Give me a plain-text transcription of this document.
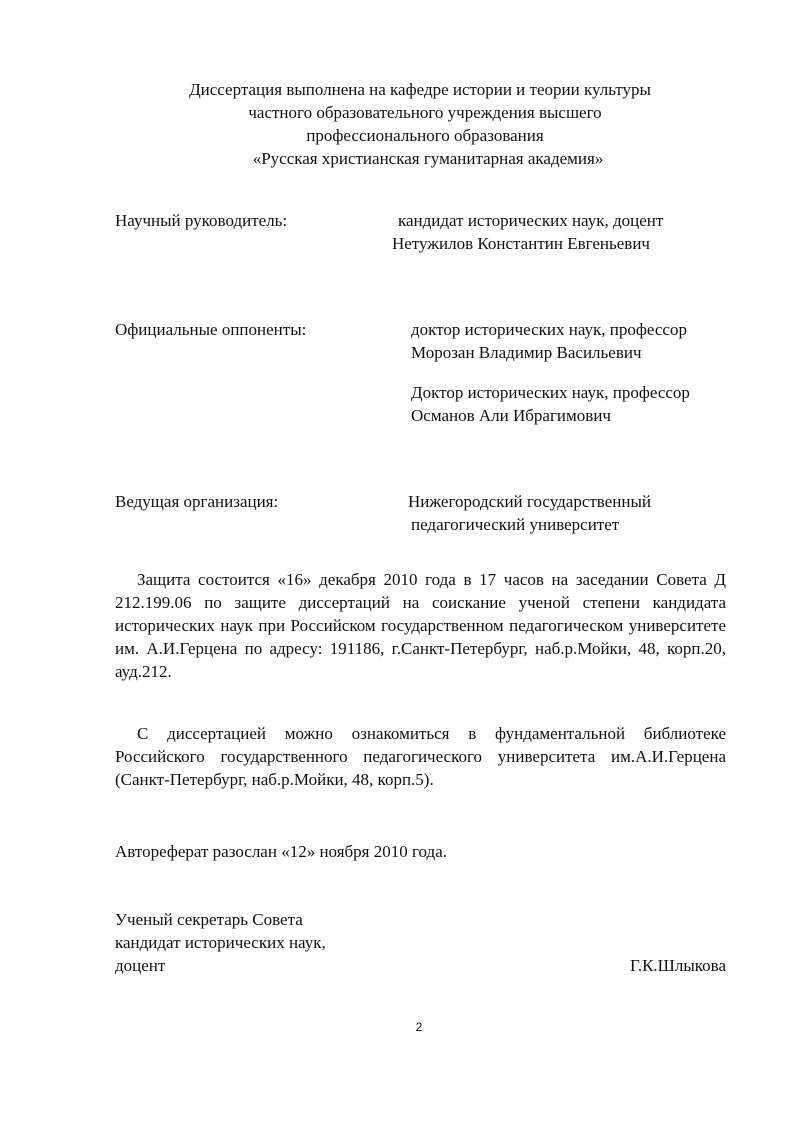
Диссертация выполнена на кафедре истории и теории культуры
частного образовательного учреждения высшего
профессионального образования
«Русская христианская гуманитарная академия»
Научный руководитель:	кандидат исторических наук, доцент
Нетужилов Константин Евгеньевич
Официальные оппоненты:	доктор исторических наук, профессор
Морозан Владимир Васильевич
Доктор исторических наук, профессор
Османов Али Ибрагимович
Ведущая организация:	Нижегородский государственный
педагогический университет
Защита состоится «16» декабря 2010 года в 17 часов на заседании Совета Д 212.199.06 по защите диссертаций на соискание ученой степени кандидата исторических наук при Российском государственном педагогическом университете им. А.И.Герцена по адресу: 191186, г.Санкт-Петербург, наб.р.Мойки, 48, корп.20, ауд.212.
С диссертацией можно ознакомиться в фундаментальной библиотеке Российского государственного педагогического университета им.А.И.Герцена (Санкт-Петербург, наб.р.Мойки, 48, корп.5).
Автореферат разослан «12» ноября 2010 года.
Ученый секретарь Совета
кандидат исторических наук,
доцент	Г.К.Шлыкова
2
